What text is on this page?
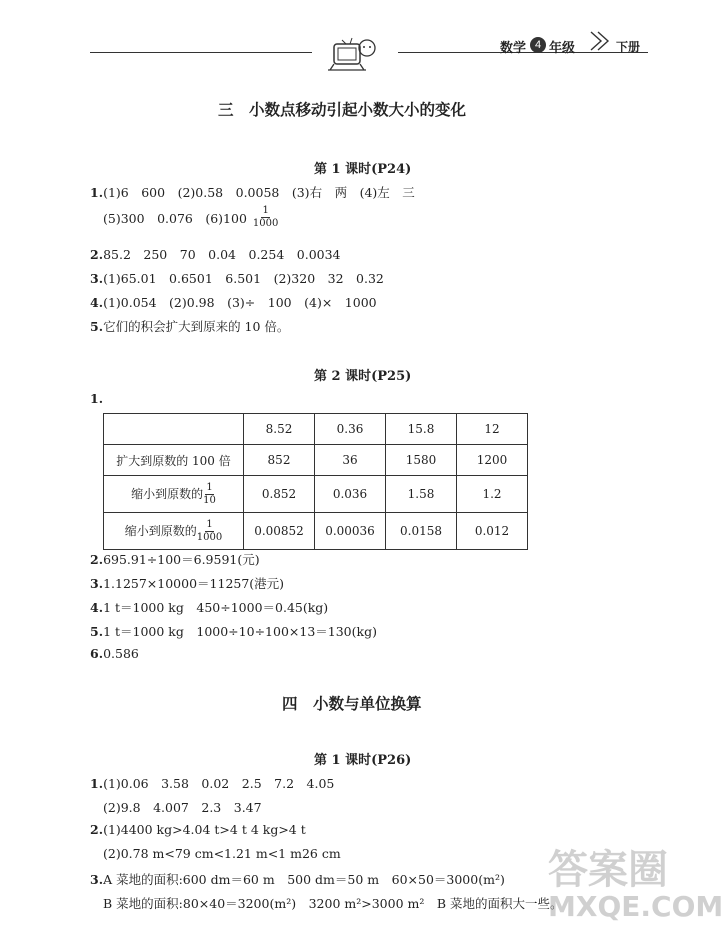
数学 4 年级	下册
三　小数点移动引起小数大小的变化
第 1 课时(P24)
1.(1)6　600　(2)0.58　0.0058　(3)右　两　(4)左　三
(5)300　0.076　$(6)100 \frac{1}{1000}$
2.85.2　250　70　0.04　0.254　0.0034
3.(1)65.01　0.6501　6.501　(2)320　32　0.32
4.(1)0.054　(2)0.98　(3)÷　100　(4)×　1000
5.它们的积会扩大到原来的 10 倍。
第 2 课时(P25)
1.
	8.52	0.36	15.8	12
扩大到原数的 100 倍	852	36	1580	1200
缩小到原数的 $\frac{1}{10}$	0.852	0.036	1.58	1.2
缩小到原数的 $\frac{1}{1000}$	0.00852	0.00036	0.0158	0.012
2.695.91÷100＝6.9591(元)
3.1.1257×10000＝11257(港元)
4.1 t＝1000 kg　450÷1000＝0.45(kg)
5.1 t＝1000 kg　1000÷10÷100×13＝130(kg)
6.0.586
四　小数与单位换算
第 1 课时(P26)
1.(1)0.06　3.58　0.02　2.5　7.2　4.05
(2)9.8　4.007　2.3　3.47
2.(1)4400 kg>4.04 t>4 t 4 kg>4 t
(2)0.78 m<79 cm<1.21 m<1 m26 cm
3.A 菜地的面积:600 dm＝60 m　500 dm＝50 m　60×50＝3000(m²)
B 菜地的面积:80×40＝3200(m²)　3200 m²>3000 m²　B 菜地的面积大一些。
答案圈
MXQE.COM
